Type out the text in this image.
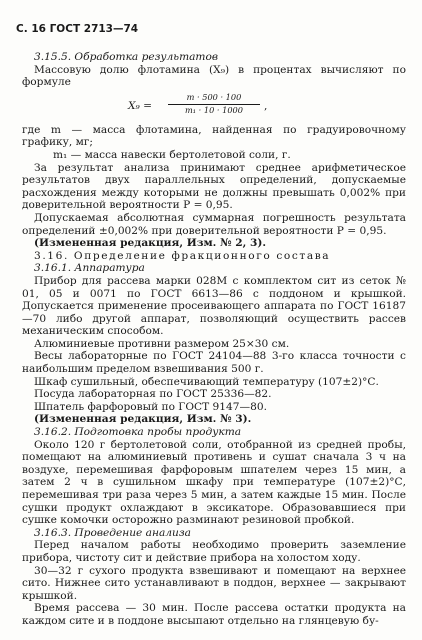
С. 16 ГОСТ 2713—74

3.15.5. Обработка результатов

Массовую долю флотамина (X₉) в процентах вычисляют по формуле

$X_9 = \frac{m \cdot 500 \cdot 100}{\text{m₁ · 10 · 1000}}$ ,

где m — масса флотамина, найденная по градуировочному графику, мг;

m₁ — масса навески бертолетовой соли, г.

За результат анализа принимают среднее арифметическое результатов двух параллельных определений, допускаемые расхождения между которыми не должны превышать 0,002% при доверительной вероятности P = 0,95.

Допускаемая абсолютная суммарная погрешность результата определений ±0,002% при доверительной вероятности P = 0,95.

(Измененная редакция, Изм. № 2, 3).

3.16. Определение фракционного состава

3.16.1. Аппаратура

Прибор для рассева марки 028М с комплектом сит из сеток № 01, 05 и 0071 по ГОСТ 6613—86 с поддоном и крышкой. Допускается применение просеивающего аппарата по ГОСТ 16187—70 либо другой аппарат, позволяющий осуществить рассев механическим способом.

Алюминиевые противни размером 25×30 см.

Весы лабораторные по ГОСТ 24104—88 3-го класса точности с наибольшим пределом взвешивания 500 г.

Шкаф сушильный, обеспечивающий температуру (107±2)°С.

Посуда лабораторная по ГОСТ 25336—82.

Шпатель фарфоровый по ГОСТ 9147—80.

(Измененная редакция, Изм. № 3).

3.16.2. Подготовка пробы продукта

Около 120 г бертолетовой соли, отобранной из средней пробы, помещают на алюминиевый противень и сушат сначала 3 ч на воздухе, перемешивая фарфоровым шпателем через 15 мин, а затем 2 ч в сушильном шкафу при температуре (107±2)°С, перемешивая три раза через 5 мин, а затем каждые 15 мин. После сушки продукт охлаждают в эксикаторе. Образовавшиеся при сушке комочки осторожно разминают резиновой пробкой.

3.16.3. Проведение анализа

Перед началом работы необходимо проверить заземление прибора, чистоту сит и действие прибора на холостом ходу.

30—32 г сухого продукта взвешивают и помещают на верхнее сито. Нижнее сито устанавливают в поддон, верхнее — закрывают крышкой.

Время рассева — 30 мин. После рассева остатки продукта на каждом сите и в поддоне высыпают отдельно на глянцевую бу-
